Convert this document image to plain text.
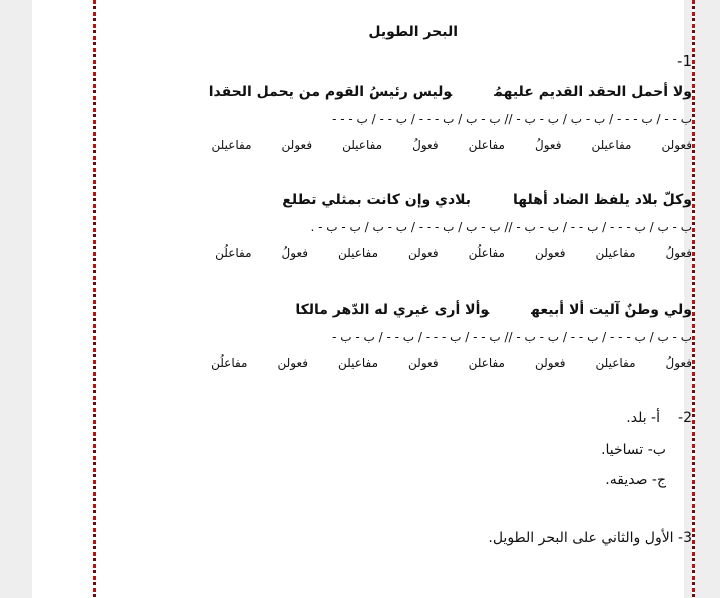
البحر الطويل
1-
ولا أحمل الحقد القديم عليهمُوليس رئيسُ القوم من يحمل الحقدا
ب - - / ب - - - / ب - ب / ب - ب - // ب - ب / ب - - - / ب - - / ب - - -
فعولنمفاعيلنفعولُمفاعلنفعولُمفاعيلنفعولنمفاعيلن
وكلّ بلاد يلفظ الضاد أهلهابلادي وإن كانت بمثلي تطلع
ب - ب / ب - - - / ب - - / ب - ب - // ب - ب / ب - - - / ب - ب / ب - ب - .
فعولُمفاعيلنفعولنمفاعلُنفعولنمفاعيلنفعولُمفاعلُن
ولي وطنٌ آليت ألا أبيعهوألا أرى غيري له الدّهر مالكا
ب - ب / ب - - - / ب - - / ب - ب - // ب - - / ب - - - / ب - - / ب - ب -
فعولُمفاعيلنفعولنمفاعلنفعولنمفاعيلنفعولنمفاعلُن
2-أ- بلد.
ب- تساخيا.
ج- صديقه.
3- الأول والثاني على البحر الطويل.
